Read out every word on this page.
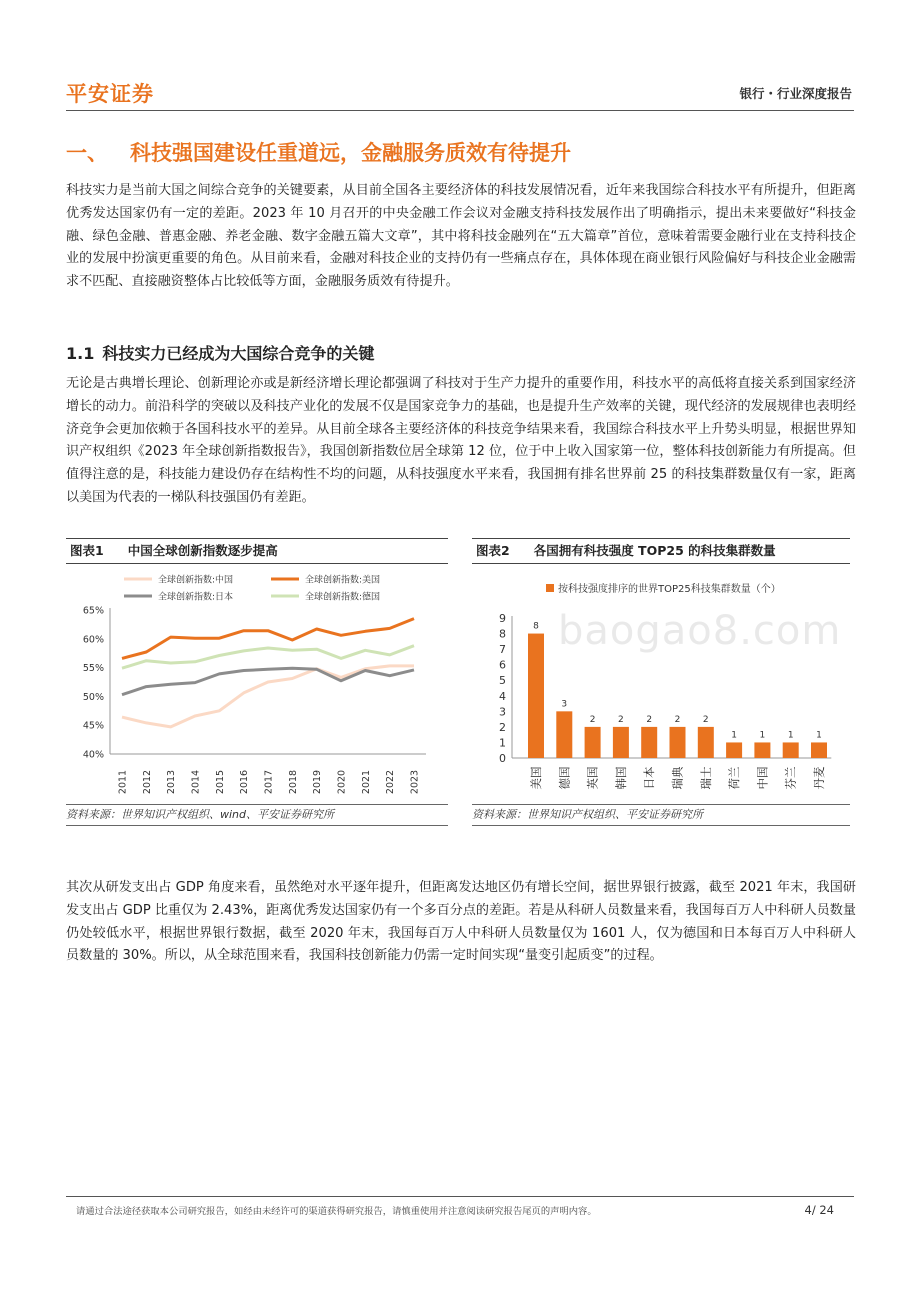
平安证券	银行・行业深度报告
一、 科技强国建设任重道远，金融服务质效有待提升
科技实力是当前大国之间综合竞争的关键要素，从目前全国各主要经济体的科技发展情况看，近年来我国综合科技水平有所提升，但距离优秀发达国家仍有一定的差距。2023 年 10 月召开的中央金融工作会议对金融支持科技发展作出了明确指示，提出未来要做好“科技金融、绿色金融、普惠金融、养老金融、数字金融五篇大文章”，其中将科技金融列在“五大篇章”首位，意味着需要金融行业在支持科技企业的发展中扮演更重要的角色。从目前来看，金融对科技企业的支持仍有一些痛点存在，具体体现在商业银行风险偏好与科技企业金融需求不匹配、直接融资整体占比较低等方面，金融服务质效有待提升。
1.1 科技实力已经成为大国综合竞争的关键
无论是古典增长理论、创新理论亦或是新经济增长理论都强调了科技对于生产力提升的重要作用，科技水平的高低将直接关系到国家经济增长的动力。前沿科学的突破以及科技产业化的发展不仅是国家竞争力的基础，也是提升生产效率的关键，现代经济的发展规律也表明经济竞争会更加依赖于各国科技水平的差异。从目前全球各主要经济体的科技竞争结果来看，我国综合科技水平上升势头明显，根据世界知识产权组织《2023 年全球创新指数报告》，我国创新指数位居全球第 12 位，位于中上收入国家第一位，整体科技创新能力有所提高。但值得注意的是，科技能力建设仍存在结构性不均的问题，从科技强度水平来看，我国拥有排名世界前 25 的科技集群数量仅有一家，距离以美国为代表的一梯队科技强国仍有差距。
图表1 中国全球创新指数逐步提高
全球创新指数:中国	全球创新指数:美国
全球创新指数:日本	全球创新指数:德国
40%
45%
50%
55%
60%
65%
2011 2012 2013 2014 2015 2016 2017 2018 2019 2020 2021 2022 2023
资料来源：世界知识产权组织、wind、平安证券研究所
图表2 各国拥有科技强度 TOP25 的科技集群数量
按科技强度排序的世界TOP25科技集群数量（个）
0
1
2
3
4
5
6
7
8
9
8
美国
3
德国
2
英国
2
韩国
2
日本
2
瑞典
2
瑞士
1
荷兰
1
中国
1
芬兰
1
丹麦
资料来源：世界知识产权组织、平安证券研究所
baogao8.com
其次从研发支出占 GDP 角度来看，虽然绝对水平逐年提升，但距离发达地区仍有增长空间，据世界银行披露，截至 2021 年末，我国研发支出占 GDP 比重仅为 2.43%，距离优秀发达国家仍有一个多百分点的差距。若是从科研人员数量来看，我国每百万人中科研人员数量仍处较低水平，根据世界银行数据，截至 2020 年末，我国每百万人中科研人员数量仅为 1601 人，仅为德国和日本每百万人中科研人员数量的 30%。所以，从全球范围来看，我国科技创新能力仍需一定时间实现“量变引起质变”的过程。
请通过合法途径获取本公司研究报告，如经由未经许可的渠道获得研究报告，请慎重使用并注意阅读研究报告尾页的声明内容。	4/ 24
